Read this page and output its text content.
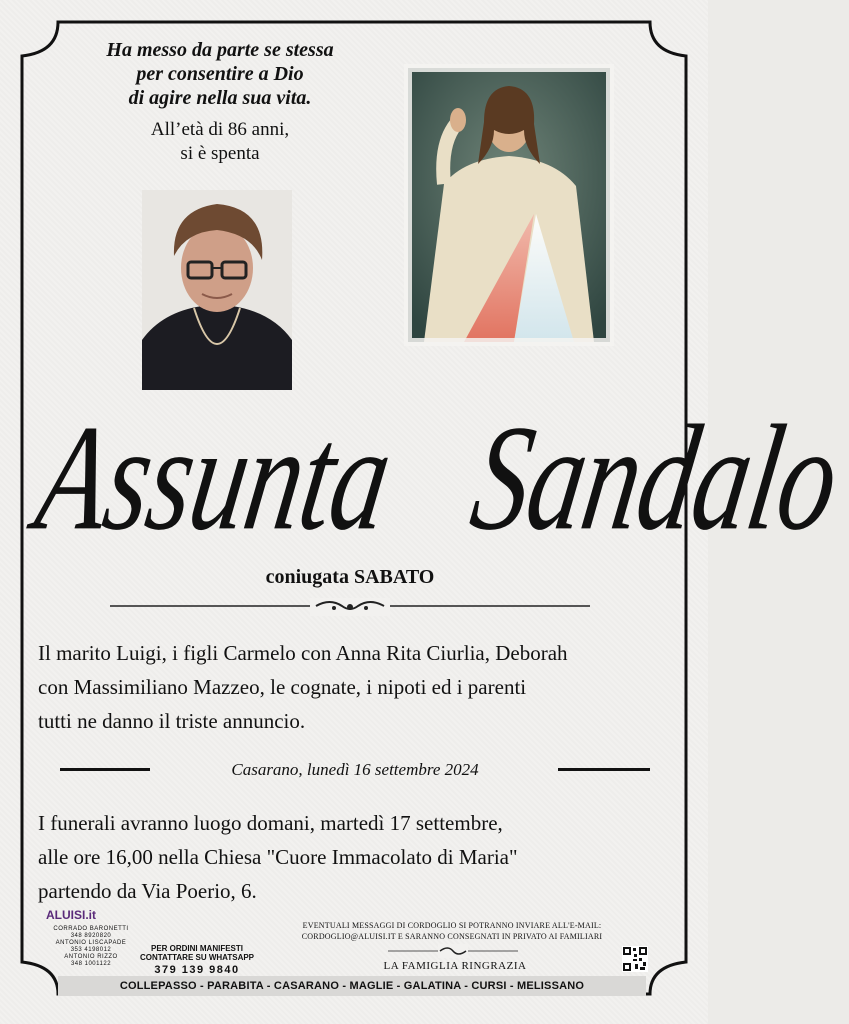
Ha messo da parte se stessa
per consentire a Dio
di agire nella sua vita.
All’età di 86 anni,
si è spenta
Assunta Sandalo
coniugata SABATO
Il marito Luigi, i figli Carmelo con Anna Rita Ciurlia, Deborah
con Massimiliano Mazzeo, le cognate, i nipoti ed i parenti
tutti ne danno il triste annuncio.
Casarano, lunedì 16 settembre 2024
I funerali avranno luogo domani, martedì 17 settembre,
alle ore 16,00 nella Chiesa "Cuore Immacolato di Maria"
partendo da Via Poerio, 6.
ALUISI.it
CORRADO BARONETTI
348 8920820
ANTONIO LISCAPADE
353 4198012
ANTONIO RIZZO
348 1001122
PER ORDINI MANIFESTI
CONTATTARE SU WHATSAPP
379 139 9840
EVENTUALI MESSAGGI DI CORDOGLIO SI POTRANNO INVIARE ALL'E-MAIL:
CORDOGLIO@ALUISI.IT E SARANNO CONSEGNATI IN PRIVATO AI FAMILIARI
LA FAMIGLIA RINGRAZIA
COLLEPASSO - PARABITA - CASARANO - MAGLIE - GALATINA - CURSI - MELISSANO
